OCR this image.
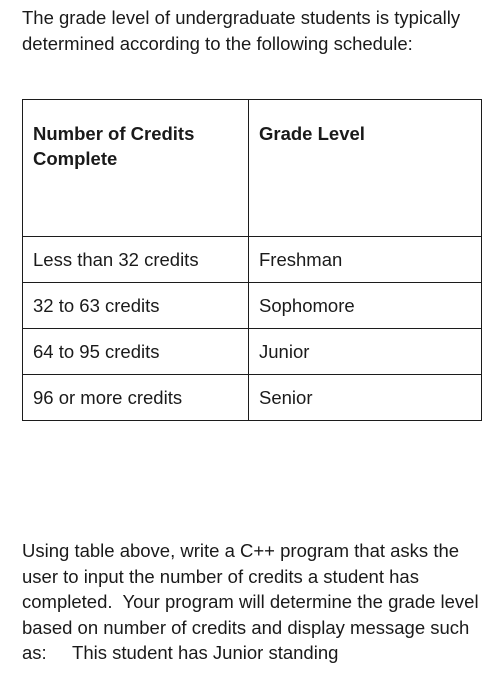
The grade level of undergraduate students is typically determined according to the following schedule:

Number of Credits Complete	Grade Level
Less than 32 credits	Freshman
32 to 63 credits	Sophomore
64 to 95 credits	Junior
96 or more credits	Senior

Using table above, write a C++ program that asks the user to input the number of credits a student has completed.  Your program will determine the grade level based on number of credits and display message such as:     This student has Junior standing
